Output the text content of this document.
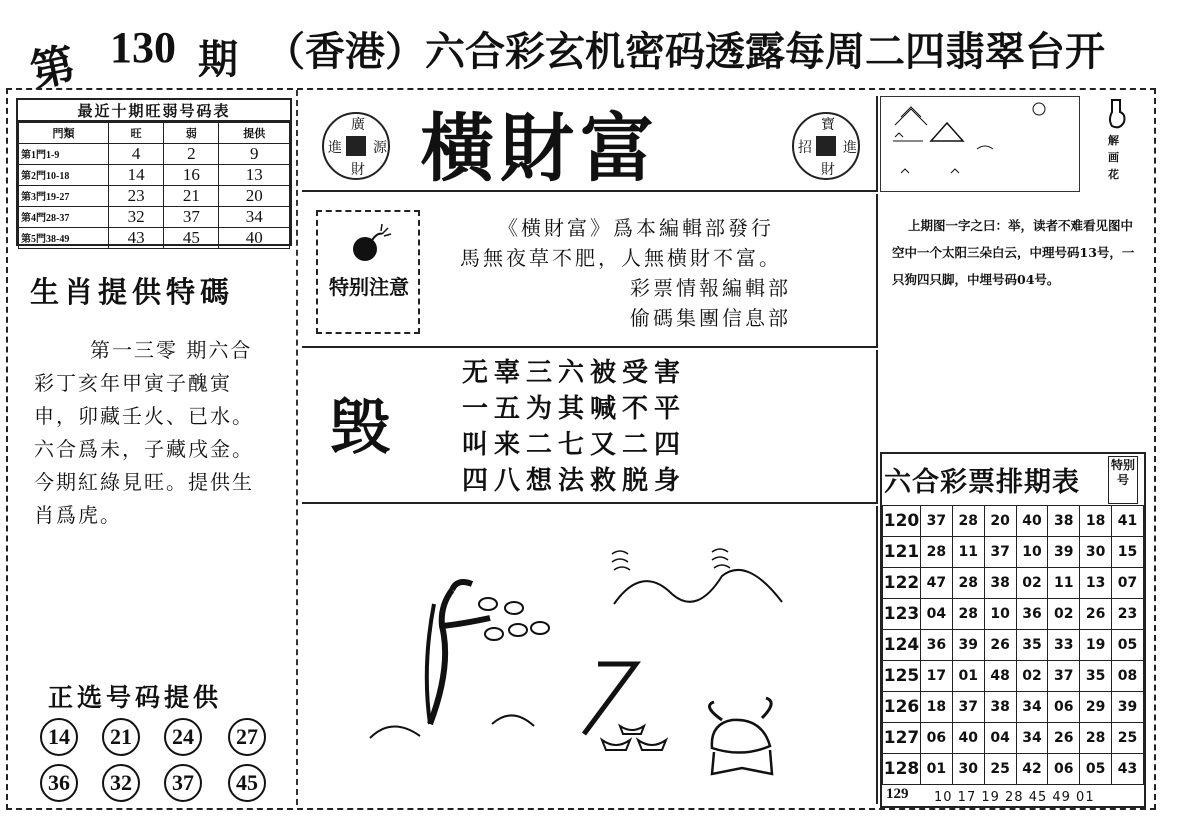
第 130 期 （香港）六合彩玄机密码透露每周二四翡翠台开
最近十期旺弱号码表
門類	旺	弱	提供
第1門1-9	4	2	9
第2門10-18	14	16	13
第3門19-27	23	21	20
第4門28-37	32	37	34
第5門38-49	43	45	40
生肖提供特碼
第一三零 期六合彩丁亥年甲寅子醜寅申，卯藏壬火、已水。六合爲未，子藏戌金。今期紅綠見旺。提供生肖爲虎。
正选号码提供
14	21	24	27
36	32	37	45
廣
進 源
財 橫財富	寶
招 進
財
特别注意
《横財富》爲本編輯部發行
馬無夜草不肥，人無横財不富。
彩票情報編輯部
偷碼集團信息部
毁
无辜三六被受害
一五为其喊不平
叫来二七又二四
四八想法救脱身
解画花
上期图一字之曰：举，读者不难看见图中空中一个太阳三朵白云，中理号码13号，一只狗四只脚，中埋号码04号。
六合彩票排期表
特别号
120	37	28	20	40	38	18	41
121	28	11	37	10	39	30	15
122	47	28	38	02	11	13	07
123	04	28	10	36	02	26	23
124	36	39	26	35	33	19	05
125	17	01	48	02	37	35	08
126	18	37	38	34	06	29	39
127	06	40	04	34	26	28	25
128	01	30	25	42	06	05	43
129 10 17 19 28 45 49 01
